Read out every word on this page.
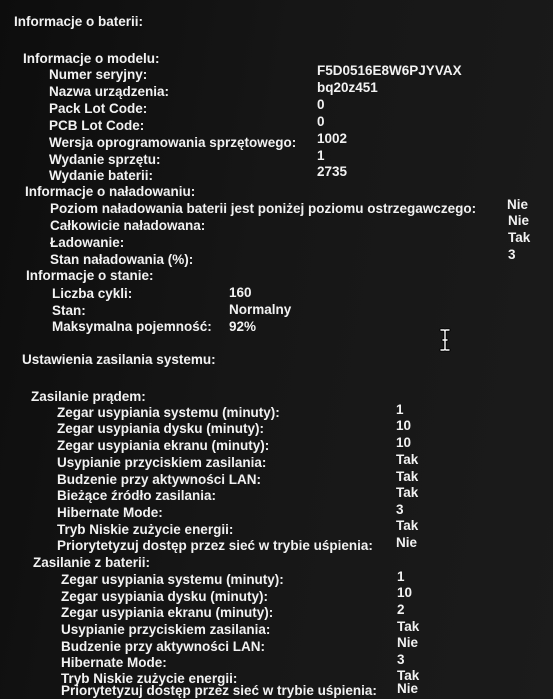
Informacje o baterii:
Informacje o modelu:
Numer seryjny:	F5D0516E8W6PJYVAX
Nazwa urządzenia:	bq20z451
Pack Lot Code:	0
PCB Lot Code:	0
Wersja oprogramowania sprzętowego: 1002
Wydanie sprzętu:	1
Wydanie baterii:	2735
Informacje o naładowaniu:
Poziom naładowania baterii jest poniżej poziomu ostrzegawczego: Nie
Całkowicie naładowana:	Nie
Ładowanie:	Tak
Stan naładowania (%):	3
Informacje o stanie:
Liczba cykli:	160
Stan:	Normalny
Maksymalna pojemność: 92%
Ustawienia zasilania systemu:
Zasilanie prądem:
Zegar usypiania systemu (minuty):	1
Zegar usypiania dysku (minuty):	10
Zegar usypiania ekranu (minuty):	10
Usypianie przyciskiem zasilania:	Tak
Budzenie przy aktywności LAN:	Tak
Bieżące źródło zasilania:	Tak
Hibernate Mode:	3
Tryb Niskie zużycie energii:	Tak
Priorytetyzuj dostęp przez sieć w trybie uśpienia: Nie
Zasilanie z baterii:
Zegar usypiania systemu (minuty):	1
Zegar usypiania dysku (minuty):	10
Zegar usypiania ekranu (minuty):	2
Usypianie przyciskiem zasilania:	Tak
Budzenie przy aktywności LAN:	Nie
Hibernate Mode:	3
Tryb Niskie zużycie energii:	Tak
Priorytetyzuj dostęp przez sieć w trybie uśpienia: Nie
